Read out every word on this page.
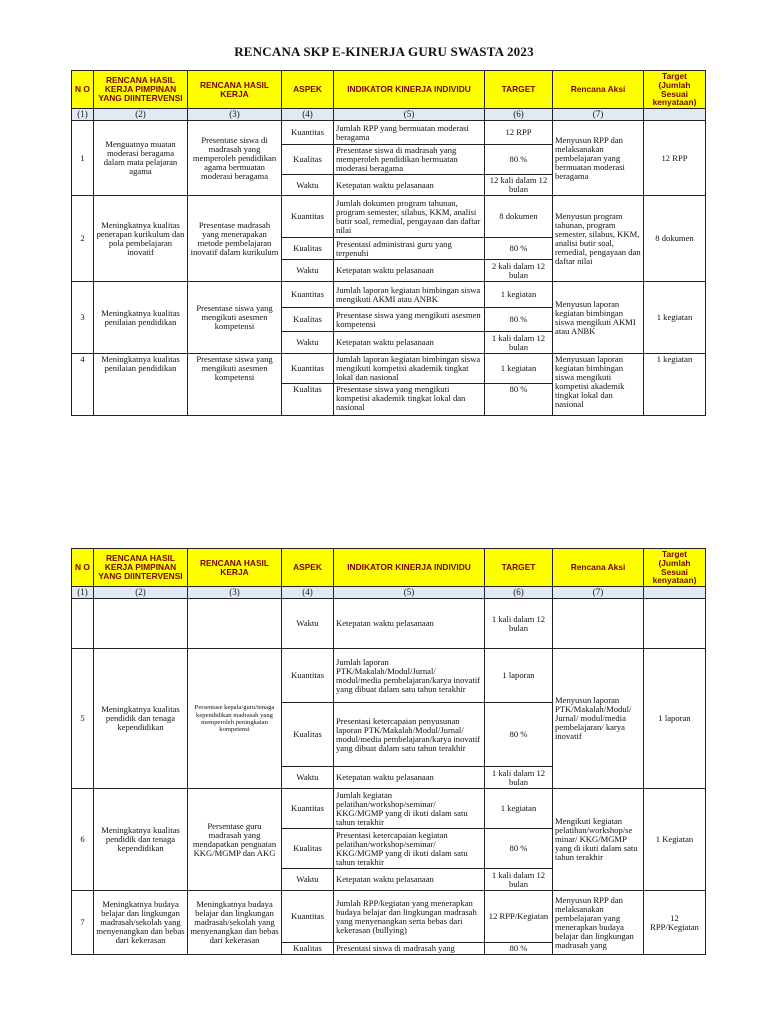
RENCANA SKP E-KINERJA GURU SWASTA 2023
N O	RENCANA HASIL KERJA PIMPINAN YANG DIINTERVENSI	RENCANA HASIL KERJA	ASPEK	INDIKATOR KINERJA INDIVIDU	TARGET	Rencana Aksi	Target (Jumlah Sesuai kenyataan)
(1)	(2)	(3)	(4)	(5)	(6)	(7)	
1	Menguatnya muatan moderasi beragama dalam mata pelajaran agama	Presentase siswa di madrasah yang memperoleh pendidikan agama bermuatan moderasi beragama	Kuantitas	Jumlah RPP yang bermuatan moderasi beragama	12 RPP	Menyusun RPP dan melaksanakan pembelajaran yang bermuatan moderasi beragama	12 RPP
			Kualitas	Presentase siswa di madrasah yang memperoleh pendidikan bermuatan moderasi beragama	80 %		
			Waktu	Ketepatan waktu pelasanaan	12 kali dalam 12 bulan		
2	Meningkatnya kualitas penerapan kurikulum dan pola pembelajaran inovatif	Presentase madrasah yang menerapakan metode pembelajaran inovatif dalam kurikulum	Kuantitas	Jumlah dokumen program tahunan, program semester, silabus, KKM, analisi butir soal, remedial, pengayaan dan daftar nilai	8 dokumen	Menyusun program tahunan, program semester, silabus, KKM, analisi butir soal, remedial, pengayaan dan daftar nilai	8 dokumen
			Kualitas	Presentasi administrasi guru yang terpenuhi	80 %		
			Waktu	Ketepatan waktu pelasanaan	2 kali dalam 12 bulan		
3	Meningkatnya kualitas penilaian pendidikan	Presentase siswa yang mengikuti asesmen kompetensi	Kuantitas	Jumlah laporan kegiatan bimbingan siswa mengikuti AKMI atau ANBK	1 kegiatan	Menyusun laporan kegiatan bimbingan siswa mengikuti AKMI atau ANBK	1 kegiatan
			Kualitas	Presentase siswa yang mengikuti asesmen kompetensi	80 %		
			Waktu	Ketepatan waktu pelasanaan	1 kali dalam 12 bulan		
4	Meningkatnya kualitas penilaian pendidikan	Presentase siswa yang mengikuti asesmen kompetensi	Kuantitas	Jumlah laporan kegiatan bimbingan siswa mengikuti kompetisi akademik tingkat lokal dan nasional	1 kegiatan	Menyusuan laporan kegiatan bimbingan siswa mengikuti kompetisi akademik tingkat lokal dan nasional	1 kegiatan
			Kualitas	Presentase siswa yang mengikuti kompetisi akademik tingkat lokal dan nasional	80 %		
N O	RENCANA HASIL KERJA PIMPINAN YANG DIINTERVENSI	RENCANA HASIL KERJA	ASPEK	INDIKATOR KINERJA INDIVIDU	TARGET	Rencana Aksi	Target (Jumlah Sesuai kenyataan)
(1)	(2)	(3)	(4)	(5)	(6)	(7)	
			Waktu	Ketepatan waktu pelasanaan	1 kali dalam 12 bulan		
5	Meningkatnya kualitas pendidik dan tenaga kependidikan	Persentase kepala/guru/tenaga kependidikan madrasah yang memperoleh peningkatan kompetensi	Kuantitas	Jumlah laporan PTK/Makalah/Modul/Jurnal/ modul/media pembelajaran/karya inovatif yang dibuat dalam satu tahun terakhir	1 laporan	Menyusun laporan PTK/Makalah/Modul/ Jurnal/ modul/media pembelajaran/ karya inovatif	1 laporan
			Kualitas	Presentasi ketercapaian penyusunan laporan PTK/Makalah/Modul/Jurnal/ modul/media pembelajaran/karya inovatif yang dibuat dalam satu tahun terakhir	80 %		
			Waktu	Ketepatan waktu pelasanaan	1 kali dalam 12 bulan		
6	Meningkatnya kualitas pendidik dan tenaga kependidikan	Persentase guru madrasah yang mendapatkan penguatan KKG/MGMP dan AKG	Kuantitas	Jumlah kegiatan pelatihan/workshop/seminar/ KKG/MGMP yang di ikuti dalam satu tahun terakhir	1 kegiatan	Mengikuti kegiatan pelatihan/workshop/se minar/ KKG/MGMP yang di ikuti dalam satu tahun terakhir	1 Kegiatan
			Kualitas	Presentasi ketercapaian kegiatan pelatihan/workshop/seminar/ KKG/MGMP yang di ikuti dalam satu tahun terakhir	80 %		
			Waktu	Ketepatan waktu pelasanaan	1 kali dalam 12 bulan		
7	Meningkatnya budaya belajar dan lingkungan madrasah/sekolah yang menyenangkan dan bebas dari kekerasan	Meningkatnya budaya belajar dan lingkungan madrasah/sekolah yang menyenangkan dan bebas dari kekerasan	Kuantitas	Jumlah RPP/kegiatan yang menerapkan budaya belajar dan lingkungan madrasah yang menyenangkan serta bebas dari kekerasan (bullying)	12 RPP/Kegiatan	Menyusun RPP dan melaksanakan pembelajaran yang menerapkan budaya belajar dan lingkungan madrasah yang	12 RPP/Kegiatan
			Kualitas	Presentasi siswa di madrasah yang	80 %		
